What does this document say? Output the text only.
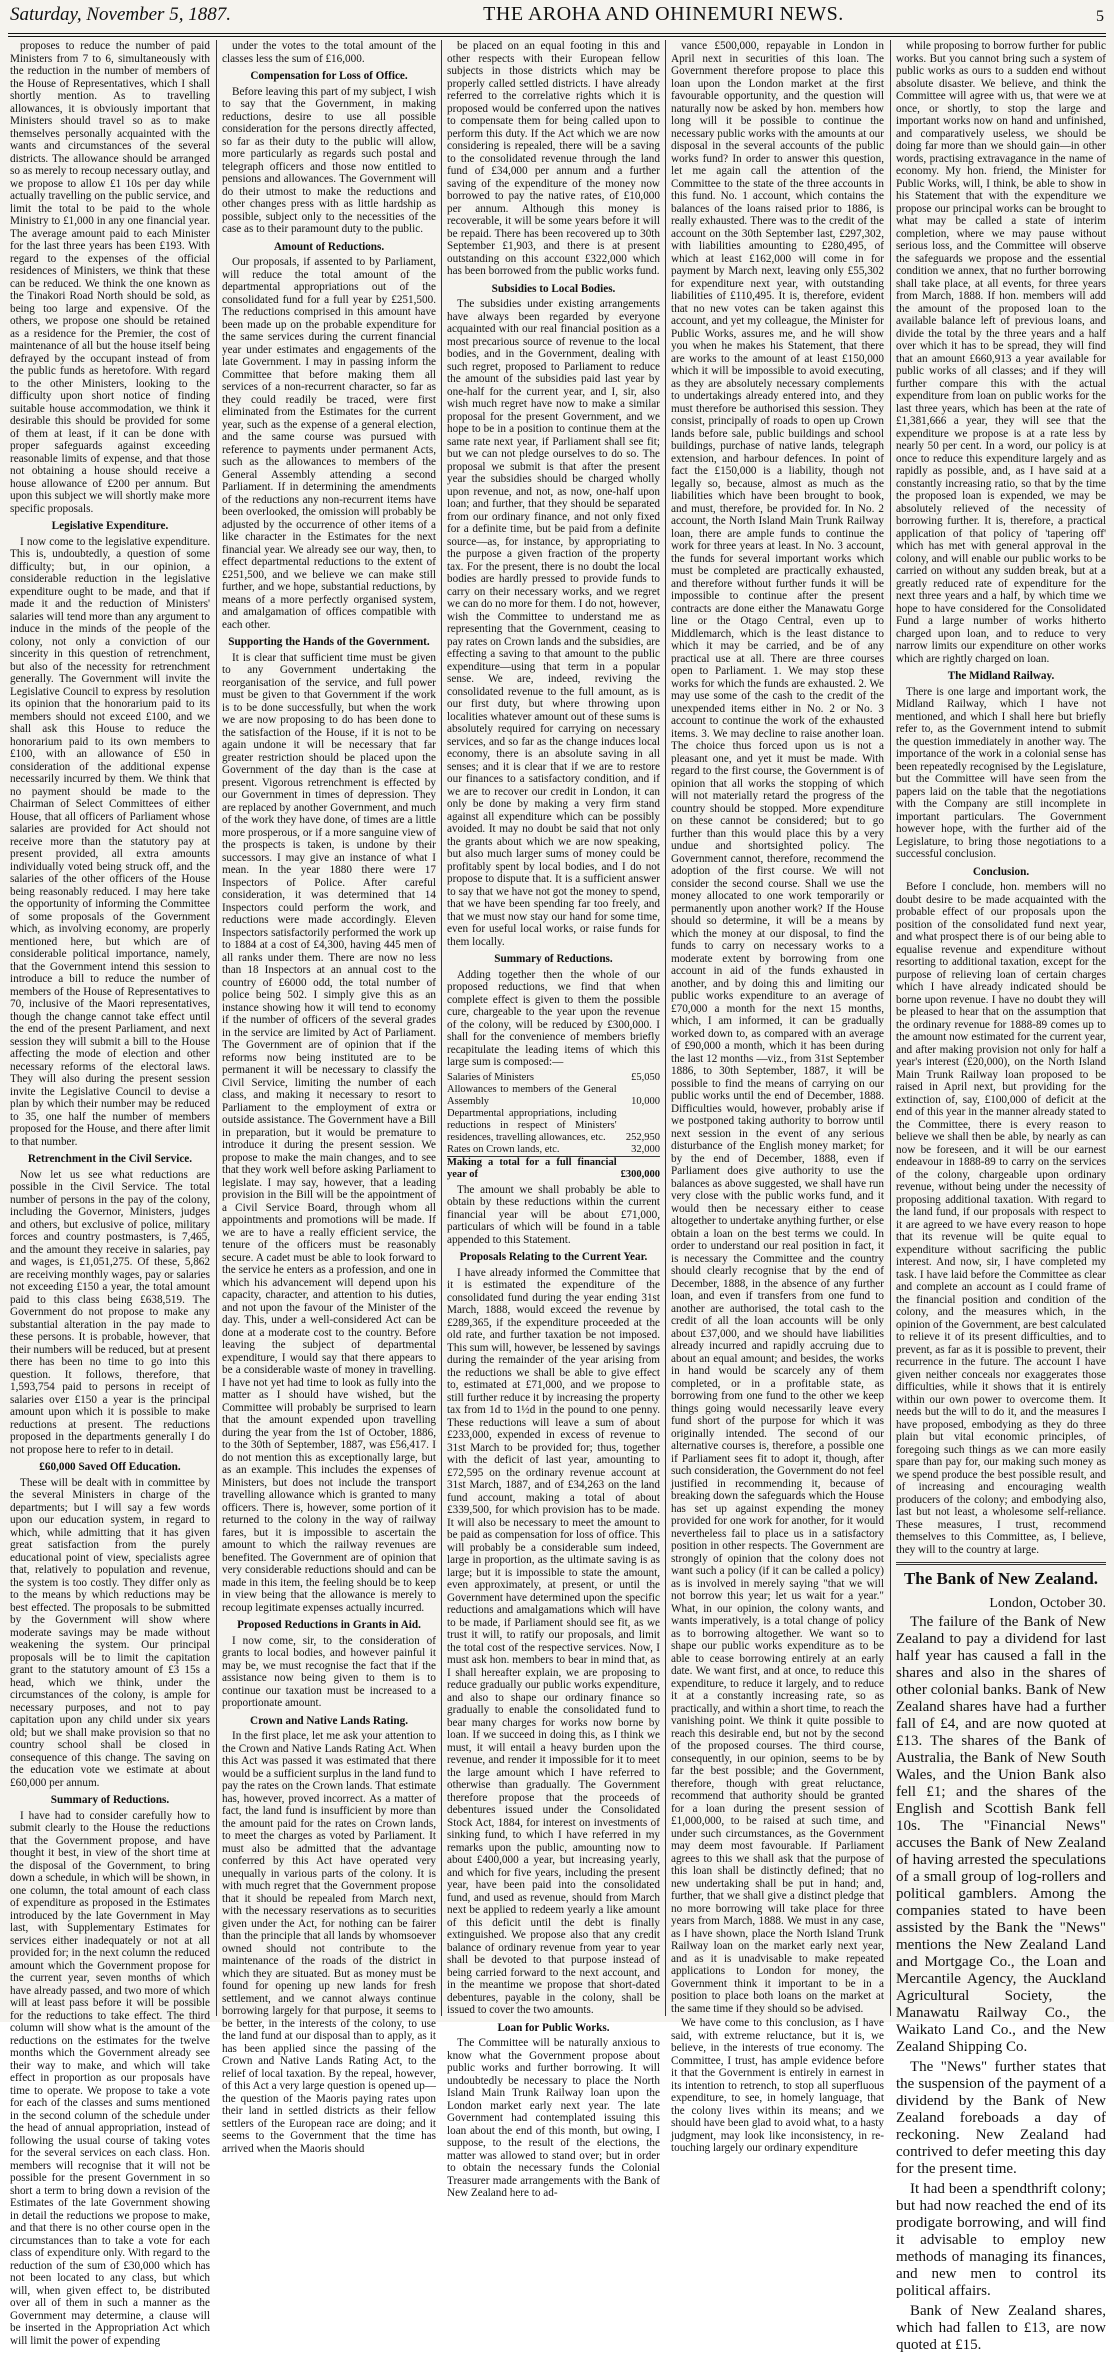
Saturday, November 5, 1887.	THE AROHA AND OHINEMURI NEWS.	5

proposes to reduce the number of paid Ministers from 7 to 6, simultaneously with the reduction in the number of members of the House of Representatives, which I shall shortly mention. As to travelling allowances, it is obviously important that Ministers should travel so as to make themselves personally acquainted with the wants and circumstances of the several districts. The allowance should be arranged so as merely to recoup necessary outlay, and we propose to allow £1 10s per day while actually travelling on the public service, and limit the total to be paid to the whole Ministry to £1,000 in any one financial year. The average amount paid to each Minister for the last three years has been £193. With regard to the expenses of the official residences of Ministers, we think that these can be reduced. We think the one known as the Tinakori Road North should be sold, as being too large and expensive. Of the others, we propose one should be retained as a residence for the Premier, the cost of maintenance of all but the house itself being defrayed by the occupant instead of from the public funds as heretofore. With regard to the other Ministers, looking to the difficulty upon short notice of finding suitable house accommodation, we think it desirable this should be provided for some of them at least, if it can be done with proper safeguards against exceeding reasonable limits of expense, and that those not obtaining a house should receive a house allowance of £200 per annum. But upon this subject we will shortly make more specific proposals.

Legislative Expenditure.

I now come to the legislative expenditure. This is, undoubtedly, a question of some difficulty; but, in our opinion, a considerable reduction in the legislative expenditure ought to be made, and that if made it and the reduction of Ministers' salaries will tend more than any argument to induce in the minds of the people of the colony, not only a conviction of our sincerity in this question of retrenchment, but also of the necessity for retrenchment generally. The Government will invite the Legislative Council to express by resolution its opinion that the honorarium paid to its members should not exceed £100, and we shall ask this House to reduce the honorarium paid to its own members to £100, with an allowance of £50 in consideration of the additional expense necessarily incurred by them. We think that no payment should be made to the Chairman of Select Committees of either House, that all officers of Parliament whose salaries are provided for Act should not receive more than the statutory pay at present provided, all extra amounts individually voted being struck off, and the salaries of the other officers of the House being reasonably reduced. I may here take the opportunity of informing the Committee of some proposals of the Government which, as involving economy, are properly mentioned here, but which are of considerable political importance, namely, that the Government intend this session to introduce a bill to reduce the number of members of the House of Representatives to 70, inclusive of the Maori representatives, though the change cannot take effect until the end of the present Parliament, and next session they will submit a bill to the House affecting the mode of election and other necessary reforms of the electoral laws. They will also during the present session invite the Legislative Council to devise a plan by which their number may be reduced to 35, one half the number of members proposed for the House, and there after limit to that number.

Retrenchment in the Civil Service.

Now let us see what reductions are possible in the Civil Service. The total number of persons in the pay of the colony, including the Governor, Ministers, judges and others, but exclusive of police, military forces and country postmasters, is 7,465, and the amount they receive in salaries, pay and wages, is £1,051,275. Of these, 5,862 are receiving monthly wages, pay or salaries not exceeding £150 a year, the total amount paid to this class being £638,519. The Government do not propose to make any substantial alteration in the pay made to these persons. It is probable, however, that their numbers will be reduced, but at present there has been no time to go into this question. It follows, therefore, that 1,593,754 paid to persons in receipt of salaries over £150 a year is the principal amount upon which it is possible to make reductions at present. The reductions proposed in the departments generally I do not propose here to refer to in detail.

£60,000 Saved Off Education.

These will be dealt with in committee by the several Ministers in charge of the departments; but I will say a few words upon our education system, in regard to which, while admitting that it has given great satisfaction from the purely educational point of view, specialists agree that, relatively to population and revenue, the system is too costly. They differ only as to the means by which reductions may be best effected. The proposals to be submitted by the Government will show where moderate savings may be made without weakening the system. Our principal proposals will be to limit the capitation grant to the statutory amount of £3 15s a head, which we think, under the circumstances of the colony, is ample for necessary purposes, and not to pay capitation upon any child under six years old; but we shall make provision so that no country school shall be closed in consequence of this change. The saving on the education vote we estimate at about £60,000 per annum.

Summary of Reductions.

I have had to consider carefully how to submit clearly to the House the reductions that the Government propose, and have thought it best, in view of the short time at the disposal of the Government, to bring down a schedule, in which will be shown, in one column, the total amount of each class of expenditure as proposed in the Estimates introduced by the late Government in May last, with Supplementary Estimates for services either inadequately or not at all provided for; in the next column the reduced amount which the Government propose for the current year, seven months of which have already passed, and two more of which will at least pass before it will be possible for the reductions to take effect. The third column will show what is the amount of the reductions on the estimates for the twelve months which the Government already see their way to make, and which will take effect in proportion as our proposals have time to operate. We propose to take a vote for each of the classes and sums mentioned in the second column of the schedule under the head of annual appropriation, instead of following the usual course of taking votes for the several services on each class. Hon. members will recognise that it will not be possible for the present Government in so short a term to bring down a revision of the Estimates of the late Government showing in detail the reductions we propose to make, and that there is no other course open in the circumstances than to take a vote for each class of expenditure only. With regard to the reduction of the sum of £30,000 which has not been located to any class, but which will, when given effect to, be distributed over all of them in such a manner as the Government may determine, a clause will be inserted in the Appropriation Act which will limit the power of expending

under the votes to the total amount of the classes less the sum of £16,000.

Compensation for Loss of Office.

Before leaving this part of my subject, I wish to say that the Government, in making reductions, desire to use all possible consideration for the persons directly affected, so far as their duty to the public will allow, more particularly as regards such postal and telegraph officers and those now entitled to pensions and allowances. The Government will do their utmost to make the reductions and other changes press with as little hardship as possible, subject only to the necessities of the case as to their paramount duty to the public.

Amount of Reductions.

Our proposals, if assented to by Parliament, will reduce the total amount of the departmental appropriations out of the consolidated fund for a full year by £251,500. The reductions comprised in this amount have been made up on the probable expenditure for the same services during the current financial year under estimates and engagements of the late Government. I may in passing inform the Committee that before making them all services of a non-recurrent character, so far as they could readily be traced, were first eliminated from the Estimates for the current year, such as the expense of a general election, and the same course was pursued with reference to payments under permanent Acts, such as the allowances to members of the General Assembly attending a second Parliament. If in determining the amendments of the reductions any non-recurrent items have been overlooked, the omission will probably be adjusted by the occurrence of other items of a like character in the Estimates for the next financial year. We already see our way, then, to effect departmental reductions to the extent of £251,500, and we believe we can make still further, and we hope, substantial reductions, by means of a more perfectly organised system, and amalgamation of offices compatible with each other.

Supporting the Hands of the Government.

It is clear that sufficient time must be given to any Government undertaking the reorganisation of the service, and full power must be given to that Government if the work is to be done successfully, but when the work we are now proposing to do has been done to the satisfaction of the House, if it is not to be again undone it will be necessary that far greater restriction should be placed upon the Government of the day than is the case at present. Vigorous retrenchment is effected by our Government in times of depression. They are replaced by another Government, and much of the work they have done, of times are a little more prosperous, or if a more sanguine view of the prospects is taken, is undone by their successors. I may give an instance of what I mean. In the year 1880 there were 17 Inspectors of Police. After careful consideration, it was determined that 14 Inspectors could perform the work, and reductions were made accordingly. Eleven Inspectors satisfactorily performed the work up to 1884 at a cost of £4,300, having 445 men of all ranks under them. There are now no less than 18 Inspectors at an annual cost to the country of £6000 odd, the total number of police being 502. I simply give this as an instance showing how it will tend to economy if the number of officers of the several grades in the service are limited by Act of Parliament. The Government are of opinion that if the reforms now being instituted are to be permanent it will be necessary to classify the Civil Service, limiting the number of each class, and making it necessary to resort to Parliament to the employment of extra or outside assistance. The Government have a Bill in preparation, but it would be premature to introduce it during the present session. We propose to make the main changes, and to see that they work well before asking Parliament to legislate. I may say, however, that a leading provision in the Bill will be the appointment of a Civil Service Board, through whom all appointments and promotions will be made. If we are to have a really efficient service, the tenure of the officers must be reasonably secure. A cadet must be able to look forward to the service he enters as a profession, and one in which his advancement will depend upon his capacity, character, and attention to his duties, and not upon the favour of the Minister of the day. This, under a well-considered Act can be done at a moderate cost to the country. Before leaving the subject of departmental expenditure, I would say that there appears to be a considerable waste of money in travelling. I have not yet had time to look as fully into the matter as I should have wished, but the Committee will probably be surprised to learn that the amount expended upon travelling during the year from the 1st of October, 1886, to the 30th of September, 1887, was £56,417. I do not mention this as exceptionally large, but as an example. This includes the expenses of Ministers, but does not include the transport travelling allowance which is granted to many officers. There is, however, some portion of it returned to the colony in the way of railway fares, but it is impossible to ascertain the amount to which the railway revenues are benefited. The Government are of opinion that very considerable reductions should and can be made in this item, the feeling should be to keep in view being that the allowance is merely to recoup legitimate expenses actually incurred.

Proposed Reductions in Grants in Aid.

I now come, sir, to the consideration of grants to local bodies, and however painful it may be, we must recognise the fact that if the assistance now being given to them is to continue our taxation must be increased to a proportionate amount.

Crown and Native Lands Rating.

In the first place, let me ask your attention to the Crown and Native Lands Rating Act. When this Act was passed it was estimated that there would be a sufficient surplus in the land fund to pay the rates on the Crown lands. That estimate has, however, proved incorrect. As a matter of fact, the land fund is insufficient by more than the amount paid for the rates on Crown lands, to meet the charges as voted by Parliament. It must also be admitted that the advantage conferred by this Act have operated very unequally in various parts of the colony. It is with much regret that the Government propose that it should be repealed from March next, with the necessary reservations as to securities given under the Act, for nothing can be fairer than the principle that all lands by whomsoever owned should not contribute to the maintenance of the roads of the district in which they are situated. But as money must be found for opening up new lands for fresh settlement, and we cannot always continue borrowing largely for that purpose, it seems to be better, in the interests of the colony, to use the land fund at our disposal than to apply, as it has been applied since the passing of the Crown and Native Lands Rating Act, to the relief of local taxation. By the repeal, however, of this Act a very large question is opened up—the question of the Maoris paying rates upon their land in settled districts as their fellow settlers of the European race are doing; and it seems to the Government that the time has arrived when the Maoris should

be placed on an equal footing in this and other respects with their European fellow subjects in those districts which may be properly called settled districts. I have already referred to the correlative rights which it is proposed would be conferred upon the natives to compensate them for being called upon to perform this duty. If the Act which we are now considering is repealed, there will be a saving to the consolidated revenue through the land fund of £34,000 per annum and a further saving of the expenditure of the money now borrowed to pay the native rates, of £10,000 per annum. Although this money is recoverable, it will be some years before it will be repaid. There has been recovered up to 30th September £1,903, and there is at present outstanding on this account £322,000 which has been borrowed from the public works fund.

Subsidies to Local Bodies.

The subsidies under existing arrangements have always been regarded by everyone acquainted with our real financial position as a most precarious source of revenue to the local bodies, and in the Government, dealing with such regret, proposed to Parliament to reduce the amount of the subsidies paid last year by one-half for the current year, and I, sir, also wish much regret have now to make a similar proposal for the present Government, and we hope to be in a position to continue them at the same rate next year, if Parliament shall see fit; but we can not pledge ourselves to do so. The proposal we submit is that after the present year the subsidies should be charged wholly upon revenue, and not, as now, one-half upon loan; and further, that they should be separated from our ordinary finance, and not only fixed for a definite time, but be paid from a definite source—as, for instance, by appropriating to the purpose a given fraction of the property tax. For the present, there is no doubt the local bodies are hardly pressed to provide funds to carry on their necessary works, and we regret we can do no more for them. I do not, however, wish the Committee to understand me as representing that the Government, ceasing to pay rates on Crown lands and the subsidies, are effecting a saving to that amount to the public expenditure—using that term in a popular sense. We are, indeed, reviving the consolidated revenue to the full amount, as is our first duty, but where throwing upon localities whatever amount out of these sums is absolutely required for carrying on necessary services, and so far as the change induces local economy, there is an absolute saving in all senses; and it is clear that if we are to restore our finances to a satisfactory condition, and if we are to recover our credit in London, it can only be done by making a very firm stand against all expenditure which can be possibly avoided. It may no doubt be said that not only the grants about which we are now speaking, but also much larger sums of money could be profitably spent by local bodies, and I do not propose to dispute that. It is a sufficient answer to say that we have not got the money to spend, that we have been spending far too freely, and that we must now stay our hand for some time, even for useful local works, or raise funds for them locally.

Summary of Reductions.

Adding together then the whole of our proposed reductions, we find that when complete effect is given to them the possible cure, chargeable to the year upon the revenue of the colony, will be reduced by £300,000. I shall for the convenience of members briefly recapitulate the leading items of which this large sum is composed:—

Salaries of Ministers	£5,050
Allowances to members of the General Assembly	10,000
Departmental appropriations, including reductions in respect of Ministers' residences, travelling allowances, etc.	252,950
Rates on Crown lands, etc.	32,000
Making a total for a full financial year of	£300,000

The amount we shall probably be able to obtain by these reductions within the current financial year will be about £71,000, particulars of which will be found in a table appended to this Statement.

Proposals Relating to the Current Year.

I have already informed the Committee that it is estimated the expenditure of the consolidated fund during the year ending 31st March, 1888, would exceed the revenue by £289,365, if the expenditure proceeded at the old rate, and further taxation be not imposed. This sum will, however, be lessened by savings during the remainder of the year arising from the reductions we shall be able to give effect to, estimated at £71,000, and we propose to still further reduce it by increasing the property tax from 1d to 1½d in the pound to one penny. These reductions will leave a sum of about £233,000, expended in excess of revenue to 31st March to be provided for; thus, together with the deficit of last year, amounting to £72,595 on the ordinary revenue account at 31st March, 1887, and of £34,263 on the land fund account, making a total of about £339,500, for which provision has to be made. It will also be necessary to meet the amount to be paid as compensation for loss of office. This will probably be a considerable sum indeed, large in proportion, as the ultimate saving is as large; but it is impossible to state the amount, even approximately, at present, or until the Government have determined upon the specific reductions and amalgamations which will have to be made, if Parliament should see fit, as we trust it will, to ratify our proposals, and limit the total cost of the respective services. Now, I must ask hon. members to bear in mind that, as I shall hereafter explain, we are proposing to reduce gradually our public works expenditure, and also to shape our ordinary finance so gradually to enable the consolidated fund to bear many charges for works now borne by loan. If we succeed in doing this, as I think we must, it will entail a heavy burden upon the revenue, and render it impossible for it to meet the large amount which I have referred to otherwise than gradually. The Government therefore propose that the proceeds of debentures issued under the Consolidated Stock Act, 1884, for interest on investments of sinking fund, to which I have referred in my remarks upon the public, amounting now to about £400,000 a year, but increasing yearly, and which for five years, including the present year, have been paid into the consolidated fund, and used as revenue, should from March next be applied to redeem yearly a like amount of this deficit until the debt is finally extinguished. We propose also that any credit balance of ordinary revenue from year to year shall be devoted to that purpose instead of being carried forward to the next account, and in the meantime we propose that short-dated debentures, payable in the colony, shall be issued to cover the two amounts.

Loan for Public Works.

The Committee will be naturally anxious to know what the Government propose about public works and further borrowing. It will undoubtedly be necessary to place the North Island Main Trunk Railway loan upon the London market early next year. The late Government had contemplated issuing this loan about the end of this month, but owing, I suppose, to the result of the elections, the matter was allowed to stand over; but in order to obtain the necessary funds the Colonial Treasurer made arrangements with the Bank of New Zealand here to ad-

vance £500,000, repayable in London in April next in securities of this loan. The Government therefore propose to place this loan upon the London market at the first favourable opportunity, and the question will naturally now be asked by hon. members how long will it be possible to continue the necessary public works with the amounts at our disposal in the several accounts of the public works fund? In order to answer this question, let me again call the attention of the Committee to the state of the three accounts in this fund. No. 1 account, which contains the balances of the loans raised prior to 1886, is really exhausted. There was to the credit of the account on the 30th September last, £297,302, with liabilities amounting to £280,495, of which at least £162,000 will come in for payment by March next, leaving only £55,302 for expenditure next year, with outstanding liabilities of £110,495. It is, therefore, evident that no new votes can be taken against this account, and yet my colleague, the Minister for Public Works, assures me, and he will show you when he makes his Statement, that there are works to the amount of at least £150,000 which it will be impossible to avoid executing, as they are absolutely necessary complements to undertakings already entered into, and they must therefore be authorised this session. They consist, principally of roads to open up Crown lands before sale, public buildings and school buildings, purchase of native lands, telegraph extension, and harbour defences. In point of fact the £150,000 is a liability, though not legally so, because, almost as much as the liabilities which have been brought to book, and must, therefore, be provided for. In No. 2 account, the North Island Main Trunk Railway loan, there are ample funds to continue the work for three years at least. In No. 3 account, the funds for several important works which must be completed are practically exhausted, and therefore without further funds it will be impossible to continue after the present contracts are done either the Manawatu Gorge line or the Otago Central, even up to Middlemarch, which is the least distance to which it may be carried, and be of any practical use at all. There are three courses open to Parliament. 1. We may stop these works for which the funds are exhausted. 2. We may use some of the cash to the credit of the unexpended items either in No. 2 or No. 3 account to continue the work of the exhausted items. 3. We may decline to raise another loan. The choice thus forced upon us is not a pleasant one, and yet it must be made. With regard to the first course, the Government is of opinion that all works the stopping of which will not materially retard the progress of the country should be stopped. More expenditure on these cannot be considered; but to go further than this would place this by a very undue and shortsighted policy. The Government cannot, therefore, recommend the adoption of the first course. We will not consider the second course. Shall we use the money allocated to one work temporarily or permanently upon another work? If the House should so determine, it will be a means by which the money at our disposal, to find the funds to carry on necessary works to a moderate extent by borrowing from one account in aid of the funds exhausted in another, and by doing this and limiting our public works expenditure to an average of £70,000 a month for the next 15 months, which, I am informed, it can be gradually worked down to, as compared with an average of £90,000 a month, which it has been during the last 12 months —viz., from 31st September 1886, to 30th September, 1887, it will be possible to find the means of carrying on our public works until the end of December, 1888. Difficulties would, however, probably arise if we postponed taking authority to borrow until next session in the event of any serious disturbance of the English money market; for by the end of December, 1888, even if Parliament does give authority to use the balances as above suggested, we shall have run very close with the public works fund, and it would then be necessary either to cease altogether to undertake anything further, or else obtain a loan on the best terms we could. In order to understand our real position in fact, it is necessary the Committee and the country should clearly recognise that by the end of December, 1888, in the absence of any further loan, and even if transfers from one fund to another are authorised, the total cash to the credit of all the loan accounts will be only about £37,000, and we should have liabilities already incurred and rapidly accruing due to about an equal amount; and besides, the works in hand would be scarcely any of them completed, or in a profitable state, as borrowing from one fund to the other we keep things going would necessarily leave every fund short of the purpose for which it was originally intended. The second of our alternative courses is, therefore, a possible one if Parliament sees fit to adopt it, though, after such consideration, the Government do not feel justified in recommending it, because of breaking down the safeguards which the House has set up against expending the money provided for one work for another, for it would nevertheless fail to place us in a satisfactory position in other respects. The Government are strongly of opinion that the colony does not want such a policy (if it can be called a policy) as is involved in merely saying "that we will not borrow this year; let us wait for a year." What, in our opinion, the colony wants, and wants imperatively, is a total change of policy as to borrowing altogether. We want so to shape our public works expenditure as to be able to cease borrowing entirely at an early date. We want first, and at once, to reduce this expenditure, to reduce it largely, and to reduce it at a constantly increasing rate, so as practically, and within a short time, to reach the vanishing point. We think it quite possible to reach this desirable end, but not by the second of the proposed courses. The third course, consequently, in our opinion, seems to be by far the best possible; and the Government, therefore, though with great reluctance, recommend that authority should be granted for a loan during the present session of £1,000,000, to be raised at such time, and under such circumstances, as the Government may deem most favourable. If Parliament agrees to this we shall ask that the purpose of this loan shall be distinctly defined; that no new undertaking shall be put in hand; and, further, that we shall give a distinct pledge that no more borrowing will take place for three years from March, 1888. We must in any case, as I have shown, place the North Island Trunk Railway loan on the market early next year, and as it is unadvisable to make repeated applications to London for money, the Government think it important to be in a position to place both loans on the market at the same time if they should so be advised.

We have come to this conclusion, as I have said, with extreme reluctance, but it is, we believe, in the interests of true economy. The Committee, I trust, has ample evidence before it that the Government is entirely in earnest in its intention to retrench, to stop all superfluous expenditure, to see, in homely language, that the colony lives within its means; and we should have been glad to avoid what, to a hasty judgment, may look like inconsistency, in re-touching largely our ordinary expenditure

while proposing to borrow further for public works. But you cannot bring such a system of public works as ours to a sudden end without absolute disaster. We believe, and think the Committee will agree with us, that were we at once, or shortly, to stop the large and important works now on hand and unfinished, and comparatively useless, we should be doing far more than we should gain—in other words, practising extravagance in the name of economy. My hon. friend, the Minister for Public Works, will, I think, be able to show in his Statement that with the expenditure we propose our principal works can be brought to what may be called a state of interim completion, where we may pause without serious loss, and the Committee will observe the safeguards we propose and the essential condition we annex, that no further borrowing shall take place, at all events, for three years from March, 1888. If hon. members will add the amount of the proposed loan to the available balance left of previous loans, and divide the total by the three years and a half over which it has to be spread, they will find that an amount £660,913 a year available for public works of all classes; and if they will further compare this with the actual expenditure from loan on public works for the last three years, which has been at the rate of £1,381,666 a year, they will see that the expenditure we propose is at a rate less by nearly 50 per cent. In a word, our policy is at once to reduce this expenditure largely and as rapidly as possible, and, as I have said at a constantly increasing ratio, so that by the time the proposed loan is expended, we may be absolutely relieved of the necessity of borrowing further. It is, therefore, a practical application of that policy of 'tapering off' which has met with general approval in the colony, and will enable our public works to be carried on without any sudden break, but at a greatly reduced rate of expenditure for the next three years and a half, by which time we hope to have considered for the Consolidated Fund a large number of works hitherto charged upon loan, and to reduce to very narrow limits our expenditure on other works which are rightly charged on loan.

The Midland Railway.

There is one large and important work, the Midland Railway, which I have not mentioned, and which I shall here but briefly refer to, as the Government intend to submit the question immediately in another way. The importance of the work in a colonial sense has been repeatedly recognised by the Legislature, but the Committee will have seen from the papers laid on the table that the negotiations with the Company are still incomplete in important particulars. The Government however hope, with the further aid of the Legislature, to bring those negotiations to a successful conclusion.

Conclusion.

Before I conclude, hon. members will no doubt desire to be made acquainted with the probable effect of our proposals upon the position of the consolidated fund next year, and what prospect there is of our being able to equalise revenue and expenditure without resorting to additional taxation, except for the purpose of relieving loan of certain charges which I have already indicated should be borne upon revenue. I have no doubt they will be pleased to hear that on the assumption that the ordinary revenue for 1888-89 comes up to the amount now estimated for the current year, and after making provision not only for half a year's interest (£20,000), on the North Island Main Trunk Railway loan proposed to be raised in April next, but providing for the extinction of, say, £100,000 of deficit at the end of this year in the manner already stated to the Committee, there is every reason to believe we shall then be able, by nearly as can now be foreseen, and it will be our earnest endeavour in 1888-89 to carry on the services of the colony, chargeable upon ordinary revenue, without being under the necessity of proposing additional taxation. With regard to the land fund, if our proposals with respect to it are agreed to we have every reason to hope that its revenue will be quite equal to expenditure without sacrificing the public interest. And now, sir, I have completed my task. I have laid before the Committee as clear and complete an account as I could frame of the financial position and condition of the colony, and the measures which, in the opinion of the Government, are best calculated to relieve it of its present difficulties, and to prevent, as far as it is possible to prevent, their recurrence in the future. The account I have given neither conceals nor exaggerates those difficulties, while it shows that it is entirely within our own power to overcome them. It needs but the will to do it, and the measures I have proposed, embodying as they do three plain but vital economic principles, of foregoing such things as we can more easily spare than pay for, our making such money as we spend produce the best possible result, and of increasing and encouraging wealth producers of the colony; and embodying also, last but not least, a wholesome self-reliance. These measures, I trust, recommend themselves to this Committee, as, I believe, they will to the country at large.

The Bank of New Zealand.
London, October 30.

The failure of the Bank of New Zealand to pay a dividend for last half year has caused a fall in the shares and also in the shares of other colonial banks. Bank of New Zealand shares have had a further fall of £4, and are now quoted at £13. The shares of the Bank of Australia, the Bank of New South Wales, and the Union Bank also fell £1; and the shares of the English and Scottish Bank fell 10s. The "Financial News" accuses the Bank of New Zealand of having arrested the speculations of a small group of log-rollers and political gamblers. Among the companies stated to have been assisted by the Bank the "News" mentions the New Zealand Land and Mortgage Co., the Loan and Mercantile Agency, the Auckland Agricultural Society, the Manawatu Railway Co., the Waikato Land Co., and the New Zealand Shipping Co.

The "News" further states that the suspension of the payment of a dividend by the Bank of New Zealand foreboads a day of reckoning. New Zealand had contrived to defer meeting this day for the present time.

It had been a spendthrift colony; but had now reached the end of its prodigate borrowing, and will find it advisable to employ new methods of managing its finances, and new men to control its political affairs.

Bank of New Zealand shares, which had fallen to £13, are now quoted at £15.
